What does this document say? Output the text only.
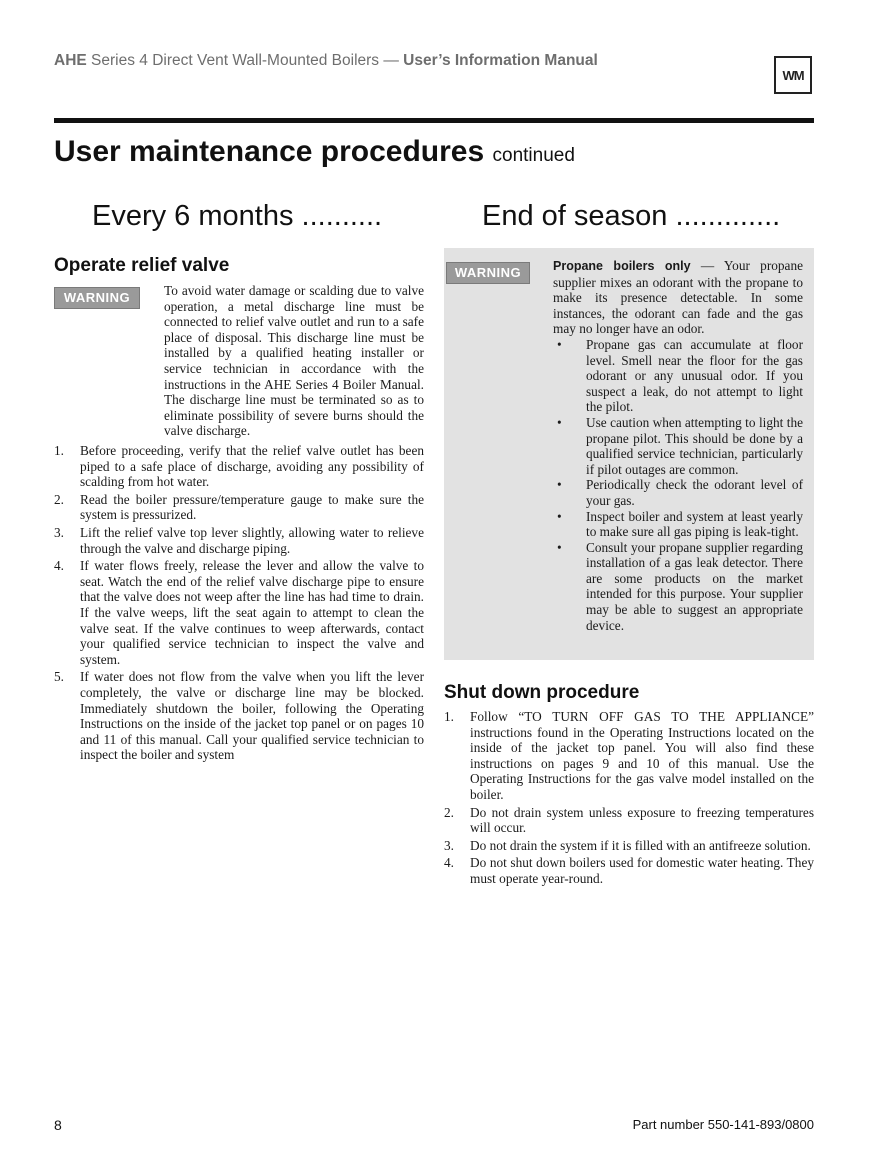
AHE Series 4 Direct Vent Wall-Mounted Boilers — User’s Information Manual
WM
User maintenance procedures continued
Every 6 months ..........	End of season .............
Operate relief valve
WARNING	To avoid water damage or scalding due to valve operation, a metal discharge line must be connected to relief valve outlet and run to a safe place of disposal. This discharge line must be installed by a qualified heating installer or service technician in accordance with the instructions in the AHE Series 4 Boiler Manual. The discharge line must be terminated so as to eliminate possibility of severe burns should the valve discharge.
1. Before proceeding, verify that the relief valve outlet has been piped to a safe place of discharge, avoiding any possibility of scalding from hot water.
2. Read the boiler pressure/temperature gauge to make sure the system is pressurized.
3. Lift the relief valve top lever slightly, allowing water to relieve through the valve and discharge piping.
4. If water flows freely, release the lever and allow the valve to seat. Watch the end of the relief valve discharge pipe to ensure that the valve does not weep after the line has had time to drain. If the valve weeps, lift the seat again to attempt to clean the valve seat. If the valve continues to weep afterwards, contact your qualified service technician to inspect the valve and system.
5. If water does not flow from the valve when you lift the lever completely, the valve or discharge line may be blocked. Immediately shutdown the boiler, following the Operating Instructions on the inside of the jacket top panel or on pages 10 and 11 of this manual. Call your qualified service technician to inspect the boiler and system
WARNING	Propane boilers only — Your propane supplier mixes an odorant with the propane to make its presence detectable. In some instances, the odorant can fade and the gas may no longer have an odor.
• Propane gas can accumulate at floor level. Smell near the floor for the gas odorant or any unusual odor. If you suspect a leak, do not attempt to light the pilot.
• Use caution when attempting to light the propane pilot. This should be done by a qualified service technician, particularly if pilot outages are common.
• Periodically check the odorant level of your gas.
• Inspect boiler and system at least yearly to make sure all gas piping is leak-tight.
• Consult your propane supplier regarding installation of a gas leak detector. There are some products on the market intended for this purpose. Your supplier may be able to suggest an appropriate device.
Shut down procedure
1. Follow “TO TURN OFF GAS TO THE APPLIANCE” instructions found in the Operating Instructions located on the inside of the jacket top panel. You will also find these instructions on pages 9 and 10 of this manual. Use the Operating Instructions for the gas valve model installed on the boiler.
2. Do not drain system unless exposure to freezing temperatures will occur.
3. Do not drain the system if it is filled with an antifreeze solution.
4. Do not shut down boilers used for domestic water heating. They must operate year-round.
8	Part number 550-141-893/0800
